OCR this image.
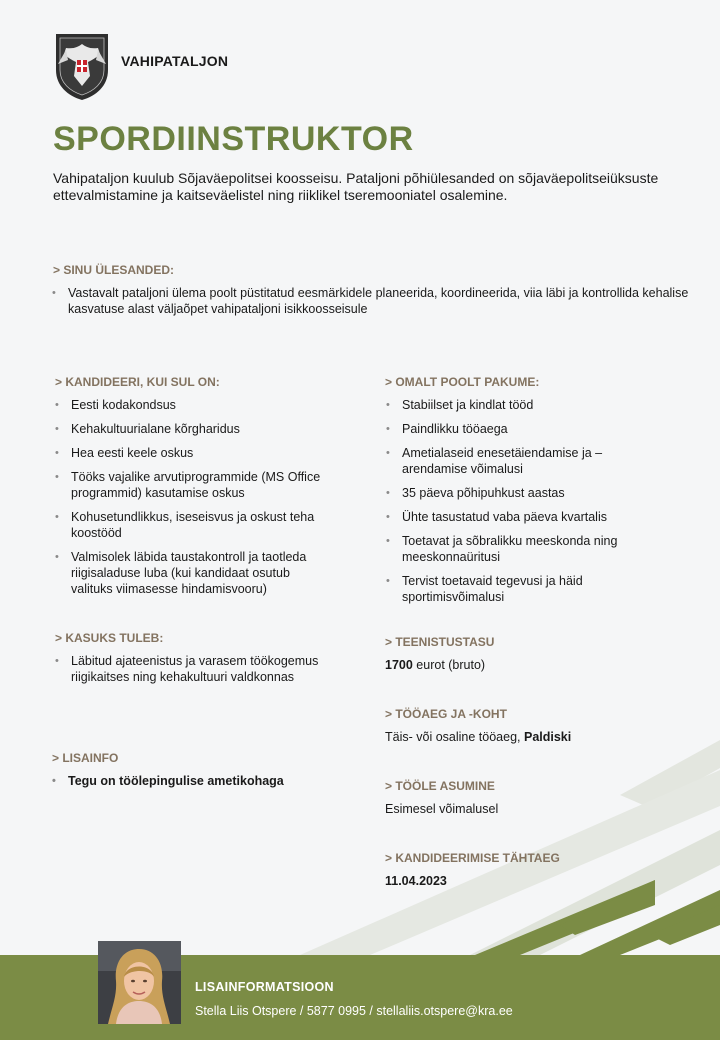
VAHIPATALJON
SPORDIINSTRUKTOR
Vahipataljon kuulub Sõjaväepolitsei koosseisu. Pataljoni põhiülesanded on sõjaväepolitseiüksuste ettevalmistamine ja kaitseväelistel ning riiklikel tseremooniatel osalemine.
> SINU ÜLESANDED:
• Vastavalt pataljoni ülema poolt püstitatud eesmärkidele planeerida, koordineerida, viia läbi ja kontrollida kehalise kasvatuse alast väljaõpet vahipataljoni isikkoosseisule
> KANDIDEERI, KUI SUL ON:
• Eesti kodakondsus
• Kehakultuurialane kõrgharidus
• Hea eesti keele oskus
• Tööks vajalike arvutiprogrammide (MS Office programmid) kasutamise oskus
• Kohusetundlikkus, iseseisvus ja oskust teha koostööd
• Valmisolek läbida taustakontroll ja taotleda riigisaladuse luba (kui kandidaat osutub valituks viimasesse hindamisvooru)
> KASUKS TULEB:
• Läbitud ajateenistus ja varasem töökogemus riigikaitses ning kehakultuuri valdkonnas
> LISAINFO
• Tegu on töölepingulise ametikohaga
> OMALT POOLT PAKUME:
• Stabiilset ja kindlat tööd
• Paindlikku tööaega
• Ametialaseid enesetäiendamise ja –arendamise võimalusi
• 35 päeva põhipuhkust aastas
• Ühte tasustatud vaba päeva kvartalis
• Toetavat ja sõbralikku meeskonda ning meeskonnaüritusi
• Tervist toetavaid tegevusi ja häid sportimisvõimalusi
> TEENISTUSTASU
1700 eurot (bruto)
> TÖÖAEG JA -KOHT
Täis- või osaline tööaeg, Paldiski
> TÖÖLE ASUMINE
Esimesel võimalusel
> KANDIDEERIMISE TÄHTAEG
11.04.2023
LISAINFORMATSIOON
Stella Liis Otspere / 5877 0995 / stellaliis.otspere@kra.ee
